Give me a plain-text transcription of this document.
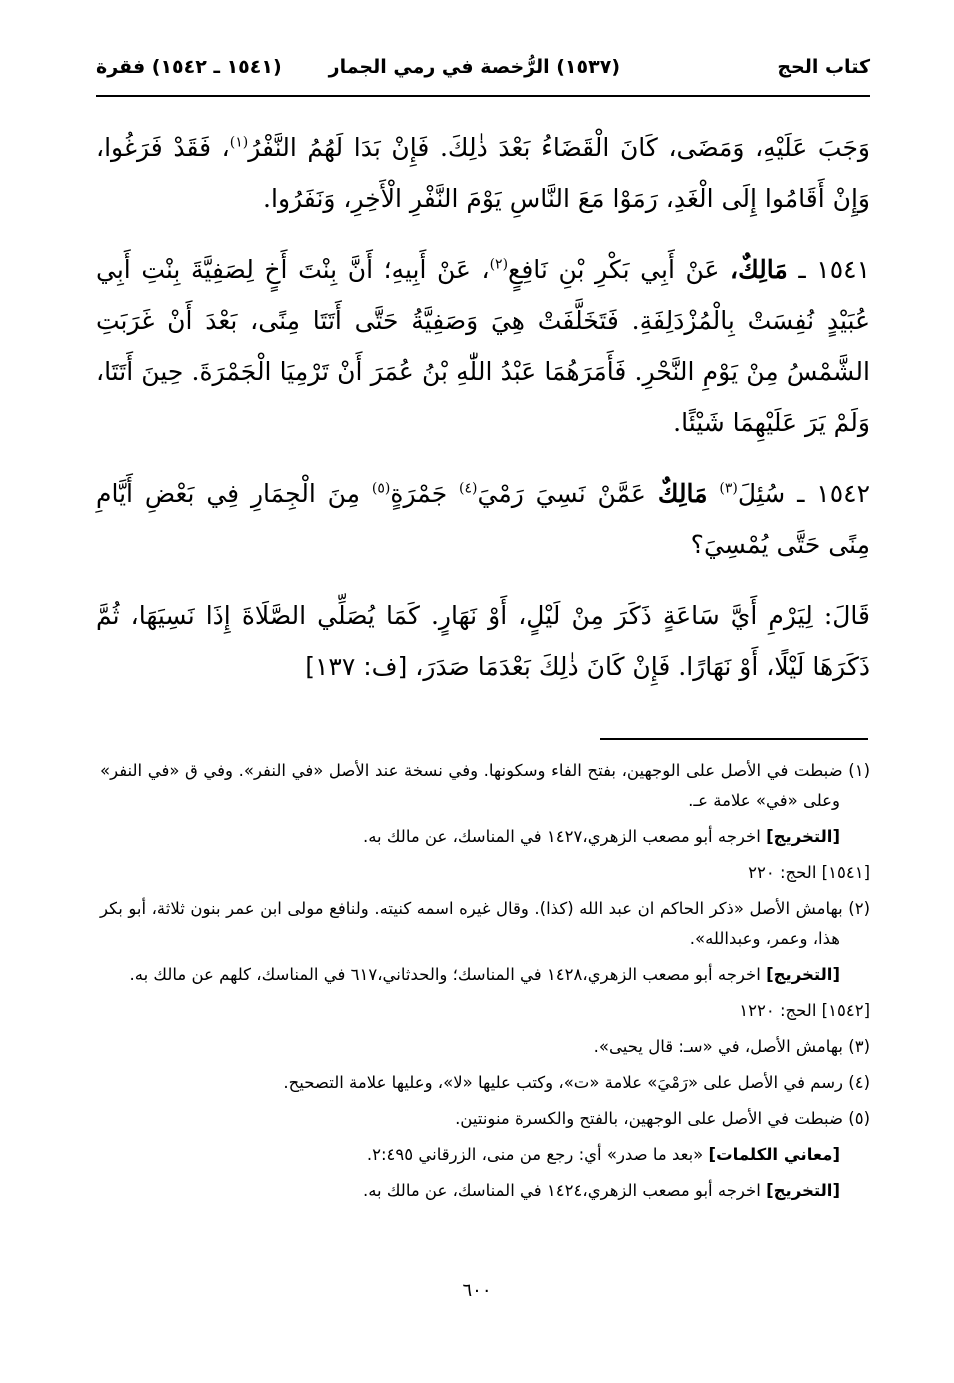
كتاب الحج
(١٥٣٧) الرُّخصة في رمي الجمار
(١٥٤١ ـ ١٥٤٢) فقرة

وَجَبَ عَلَيْهِ، وَمَضَى، كَانَ الْقَضَاءُ بَعْدَ ذٰلِكَ. فَإِنْ بَدَا لَهُمُ النَّفْرُ$^{(١)}$، فَقَدْ فَرَغُوا، وَإِنْ أَقَامُوا إِلَى الْغَدِ، رَمَوْا مَعَ النَّاسِ يَوْمَ النَّفْرِ الْأَخِرِ، وَنَفَرُوا.

١٥٤١ ـ مَالِكٌ، عَنْ أَبِي بَكْرِ بْنِ نَافِعٍ$^{(٢)}$، عَنْ أَبِيهِ؛ أَنَّ بِنْتَ أَخٍ لِصَفِيَّةَ بِنْتِ أَبِي عُبَيْدٍ نُفِسَتْ بِالْمُزْدَلِفَةِ. فَتَخَلَّفَتْ هِيَ وَصَفِيَّةُ حَتَّى أَتَتَا مِنًى، بَعْدَ أَنْ غَرَبَتِ الشَّمْسُ مِنْ يَوْمِ النَّحْرِ. فَأَمَرَهُمَا عَبْدُ اللّٰهِ بْنُ عُمَرَ أَنْ تَرْمِيَا الْجَمْرَةَ. حِينَ أَتَتَا، وَلَمْ يَرَ عَلَيْهِمَا شَيْئًا.

١٥٤٢ ـ سُئِلَ$^{(٣)}$ مَالِكٌ عَمَّنْ نَسِيَ رَمْيَ$^{(٤)}$ جَمْرَةٍ$^{(٥)}$ مِنَ الْجِمَارِ فِي بَعْضِ أَيَّامِ مِنًى حَتَّى يُمْسِيَ؟

قَالَ: لِيَرْمِ أَيَّ سَاعَةٍ ذَكَرَ مِنْ لَيْلٍ، أَوْ نَهَارٍ. كَمَا يُصَلِّي الصَّلَاةَ إِذَا نَسِيَهَا، ثُمَّ ذَكَرَهَا لَيْلًا، أَوْ نَهَارًا. فَإِنْ كَانَ ذٰلِكَ بَعْدَمَا صَدَرَ، [ف: ١٣٧]

(١) ضبطت في الأصل على الوجهين، بفتح الفاء وسكونها. وفي نسخة عند الأصل «في النفر». وفي ق «في النفر» وعلى «في» علامة عـ.
[التخريج] اخرجه أبو مصعب الزهري،١٤٢٧ في المناسك، عن مالك به.
[١٥٤١] الحج: ٢٢٠
(٢) بهامش الأصل «ذكر الحاكم ان عبد الله (كذا). وقال غيره اسمه كنيته. ولنافع مولى ابن عمر بنون ثلاثة، أبو بكر هذا، وعمر، وعبدالله».
[التخريج] اخرجه أبو مصعب الزهري،١٤٢٨ في المناسك؛ والحدثاني،٦١٧ في المناسك، كلهم عن مالك به.
[١٥٤٢] الحج: ١٢٢٠
(٣) بهامش الأصل، في «سـ: قال يحيى».
(٤) رسم في الأصل على «رَمْيَ» علامة «ت»، وكتب عليها «لا»، وعليها علامة التصحيح.
(٥) ضبطت في الأصل على الوجهين، بالفتح والكسرة منونتين.
[معاني الكلمات] «بعد ما صدر» أي: رجع من منى، الزرقاني ٢:٤٩٥.
[التخريج] اخرجه أبو مصعب الزهري،١٤٢٤ في المناسك، عن مالك به.
٦٠٠
